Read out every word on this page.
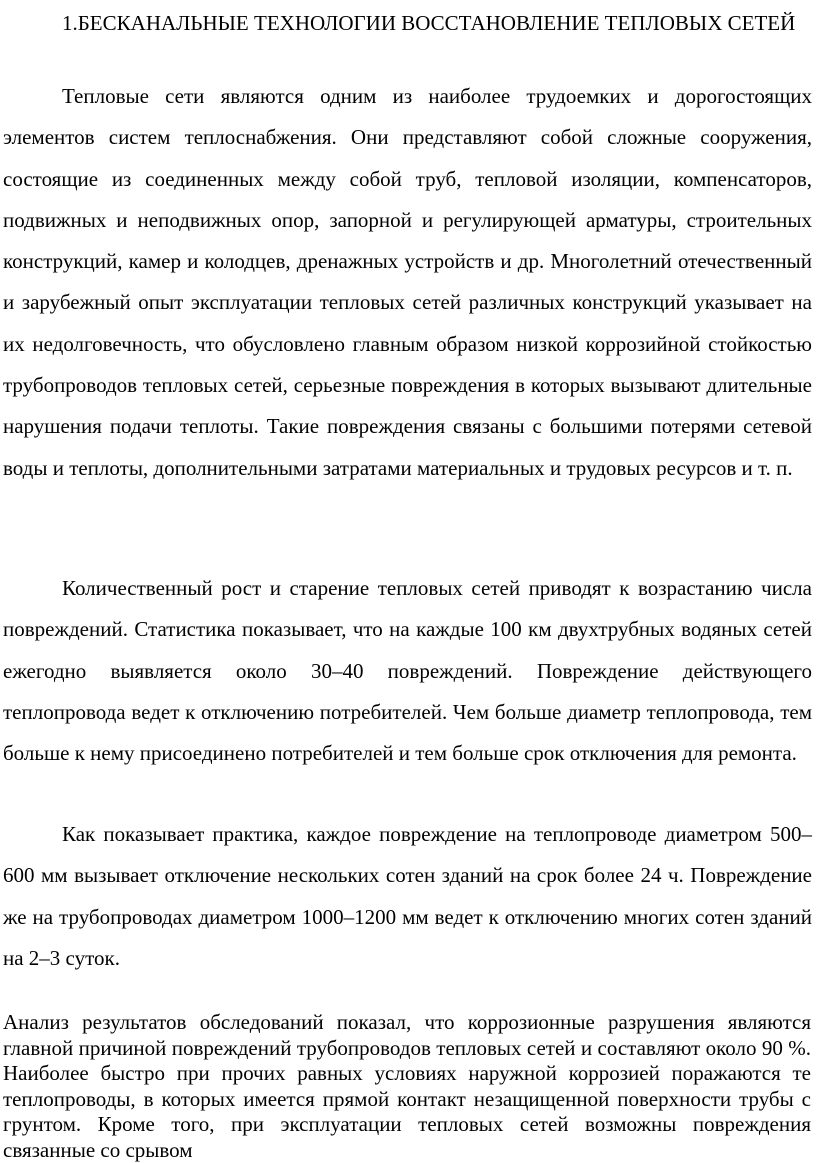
1.БЕСКАНАЛЬНЫЕ ТЕХНОЛОГИИ ВОССТАНОВЛЕНИЕ ТЕПЛОВЫХ СЕТЕЙ

Тепловые сети являются одним из наиболее трудоемких и дорогостоящих элементов систем теплоснабжения. Они представляют собой сложные сооружения, состоящие из соединенных между собой труб, тепловой изоляции, компенсаторов, подвижных и неподвижных опор, запорной и регулирующей арматуры, строительных конструкций, камер и колодцев, дренажных устройств и др. Многолетний отечественный и зарубежный опыт эксплуатации тепловых сетей различных конструкций указывает на их недолговечность, что обусловлено главным образом низкой коррозийной стойкостью трубопроводов тепловых сетей, серьезные повреждения в которых вызывают длительные нарушения подачи теплоты. Такие повреждения связаны с большими потерями сетевой воды и теплоты, дополнительными затратами материальных и трудовых ресурсов и т. п.

Количественный рост и старение тепловых сетей приводят к возрастанию числа повреждений. Статистика показывает, что на каждые 100 км двухтрубных водяных сетей ежегодно выявляется около 30–40 повреждений. Повреждение действующего теплопровода ведет к отключению потребителей. Чем больше диаметр теплопровода, тем больше к нему присоединено потребителей и тем больше срок отключения для ремонта.

Как показывает практика, каждое повреждение на теплопроводе диаметром 500–600 мм вызывает отключение нескольких сотен зданий на срок более 24 ч. Повреждение же на трубопроводах диаметром 1000–1200 мм ведет к отключению многих сотен зданий на 2–3 суток.

Анализ результатов обследований показал, что коррозионные разрушения являются главной причиной повреждений трубопроводов тепловых сетей и составляют около 90 %. Наиболее быстро при прочих равных условиях наружной коррозией поражаются те теплопроводы, в которых имеется прямой контакт незащищенной поверхности трубы с грунтом. Кроме того, при эксплуатации тепловых сетей возможны повреждения связанные со срывом
